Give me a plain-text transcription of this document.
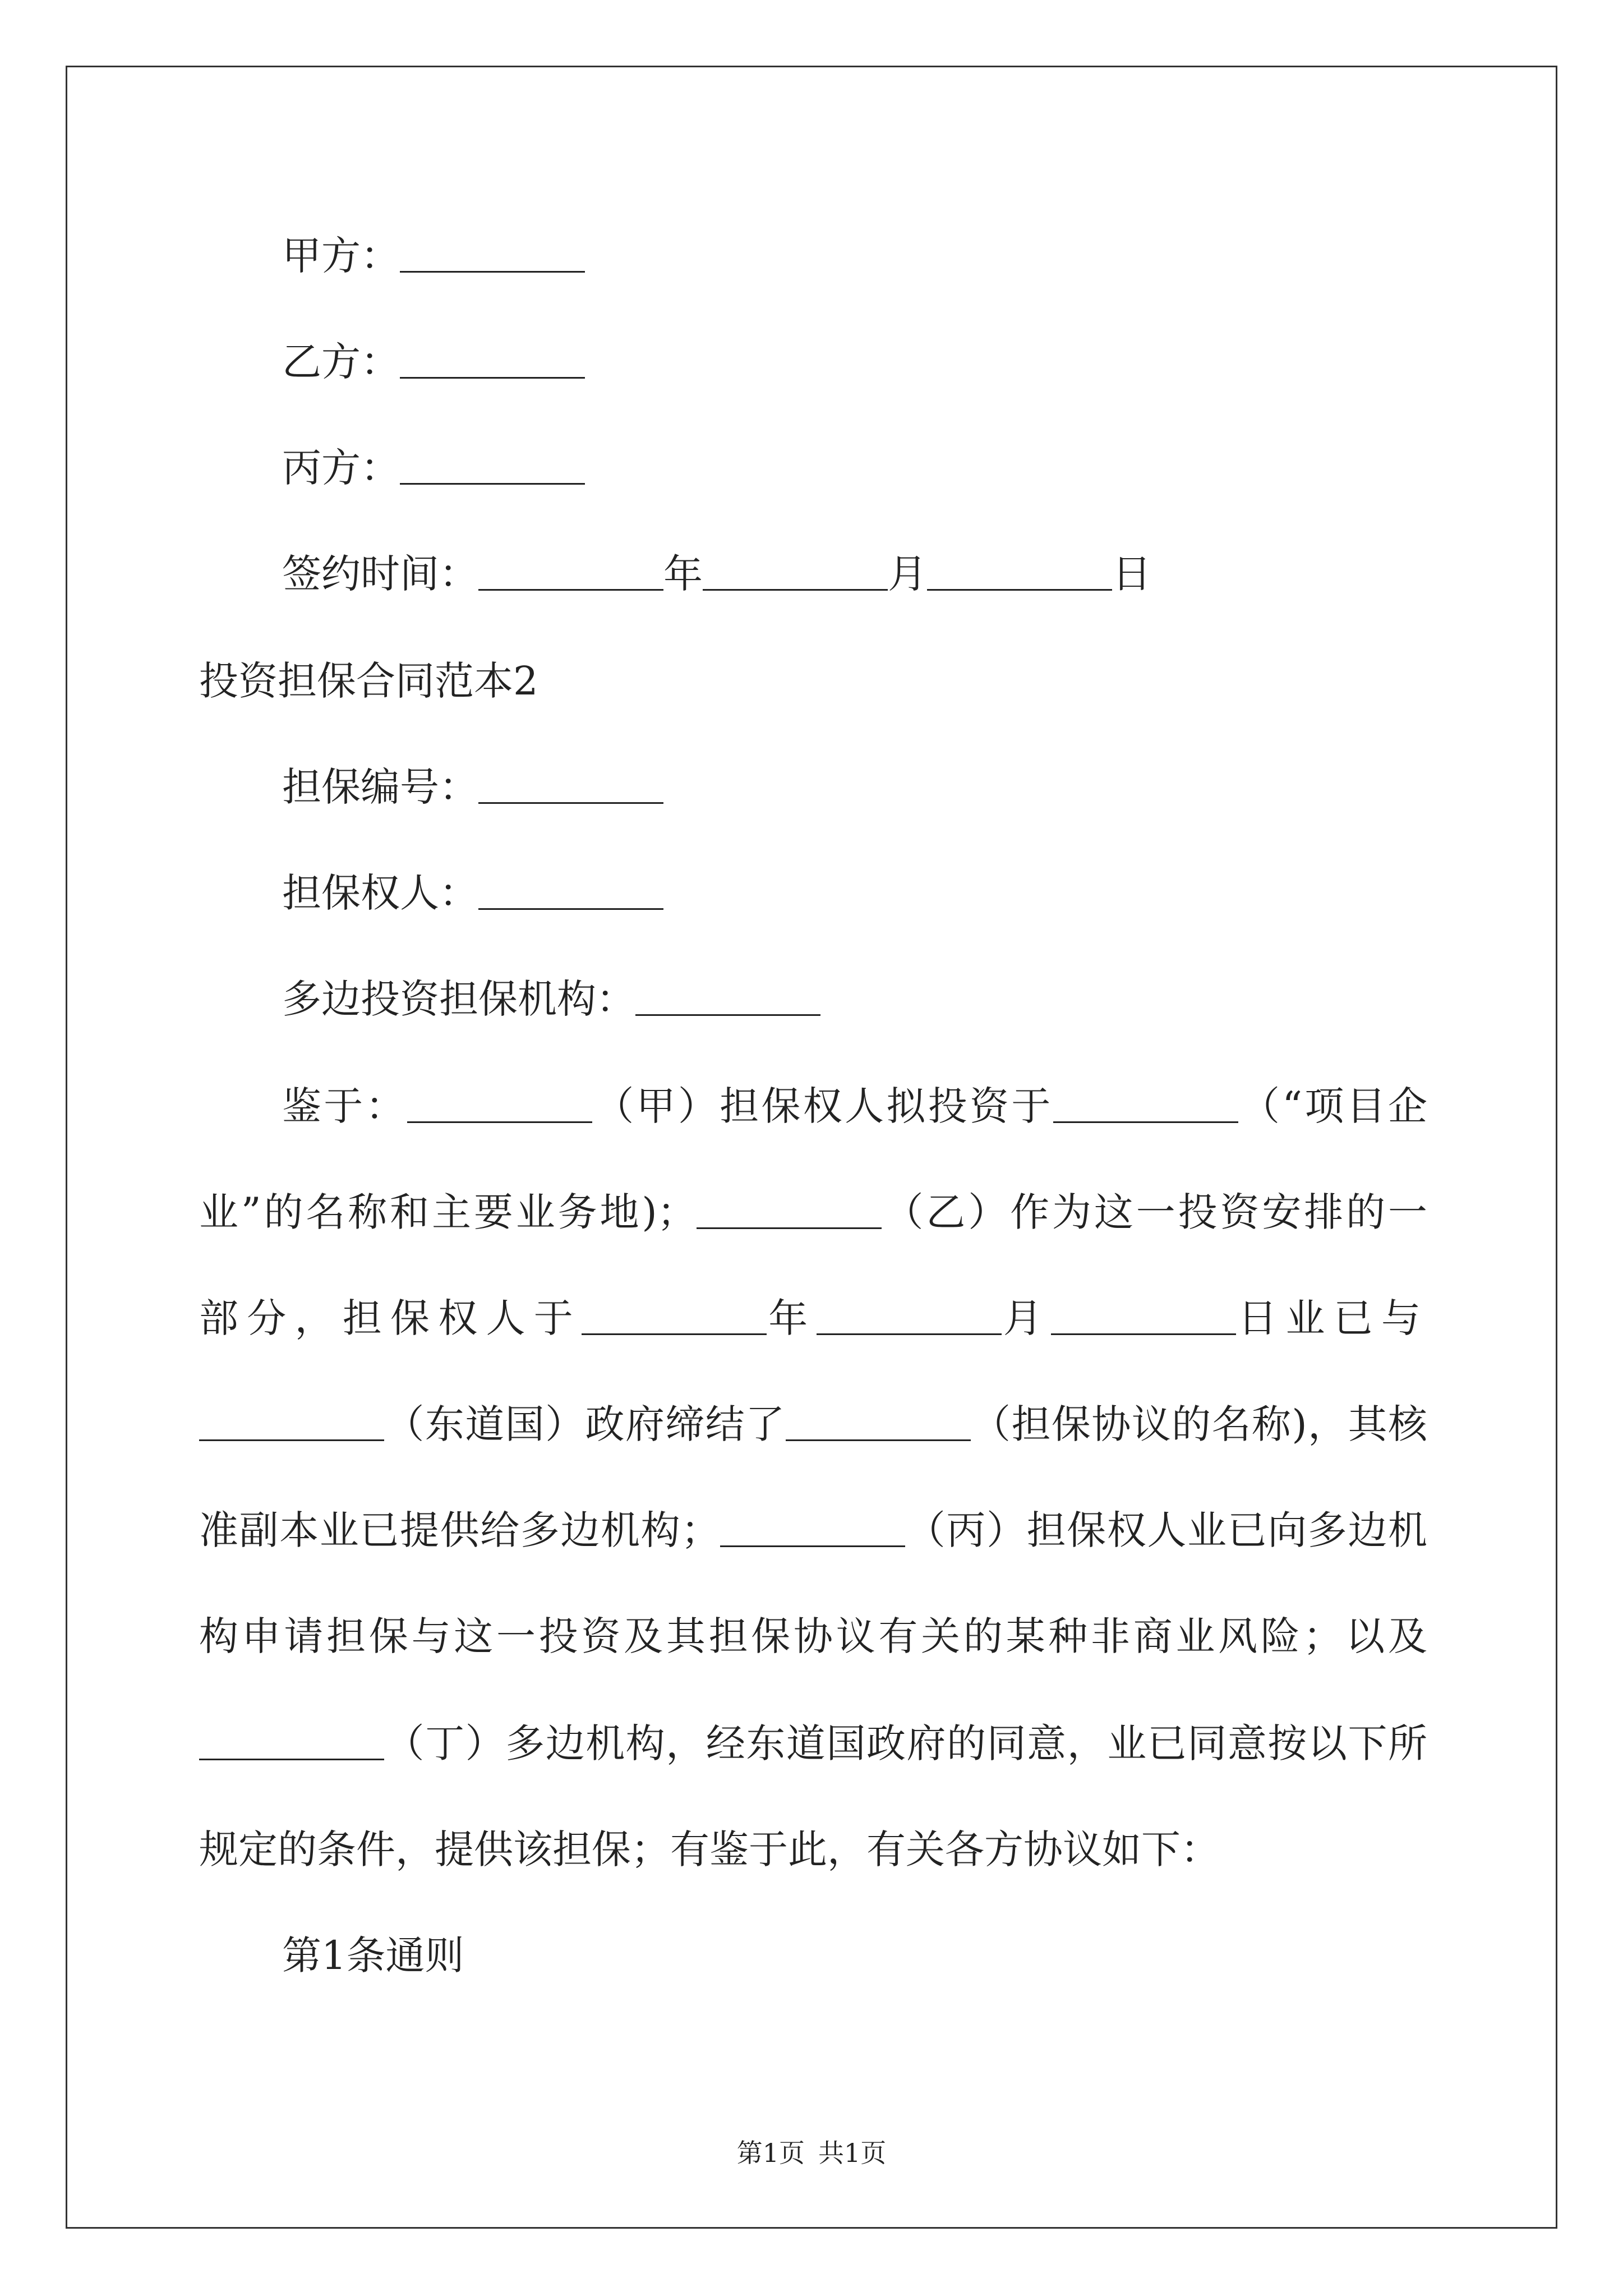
甲方：
乙方：
丙方：
签约时间：	年	月	日
投资担保合同范本2
担保编号：
担保权人：
多边投资担保机构：
鉴于：	（甲）担保权人拟投资于	（“项目企
业”的名称和主要业务地)；	（乙）作为这一投资安排的一
部分，担保权人于	年	月	日业已与
（东道国）政府缔结了	（担保协议的名称)，其核
准副本业已提供给多边机构；	（丙）担保权人业已向多边机
构申请担保与这一投资及其担保协议有关的某种非商业风险；以及
（丁）多边机构，经东道国政府的同意，业已同意按以下所
规定的条件，提供该担保；有鉴于此，有关各方协议如下：
第1条通则
第1页 共1页
